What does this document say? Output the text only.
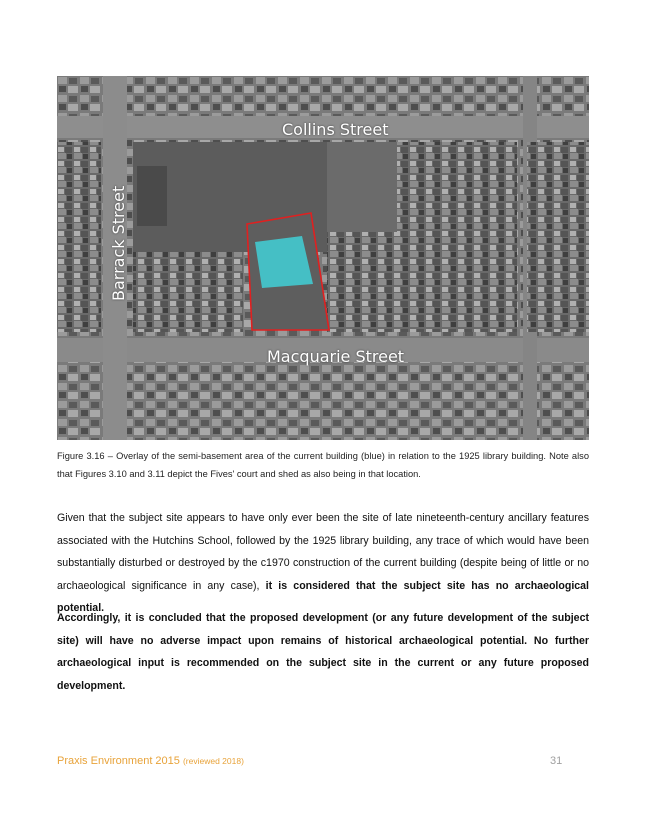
Collins Street
Macquarie Street
Barrack Street
Figure 3.16 – Overlay of the semi-basement area of the current building (blue) in relation to the 1925 library building. Note also that Figures 3.10 and 3.11 depict the Fives' court and shed as also being in that location.

Given that the subject site appears to have only ever been the site of late nineteenth-century ancillary features associated with the Hutchins School, followed by the 1925 library building, any trace of which would have been substantially disturbed or destroyed by the c1970 construction of the current building (despite being of little or no archaeological significance in any case), it is considered that the subject site has no archaeological potential.

Accordingly, it is concluded that the proposed development (or any future development of the subject site) will have no adverse impact upon remains of historical archaeological potential. No further archaeological input is recommended on the subject site in the current or any future proposed development.

Praxis Environment 2015 (reviewed 2018)	31
